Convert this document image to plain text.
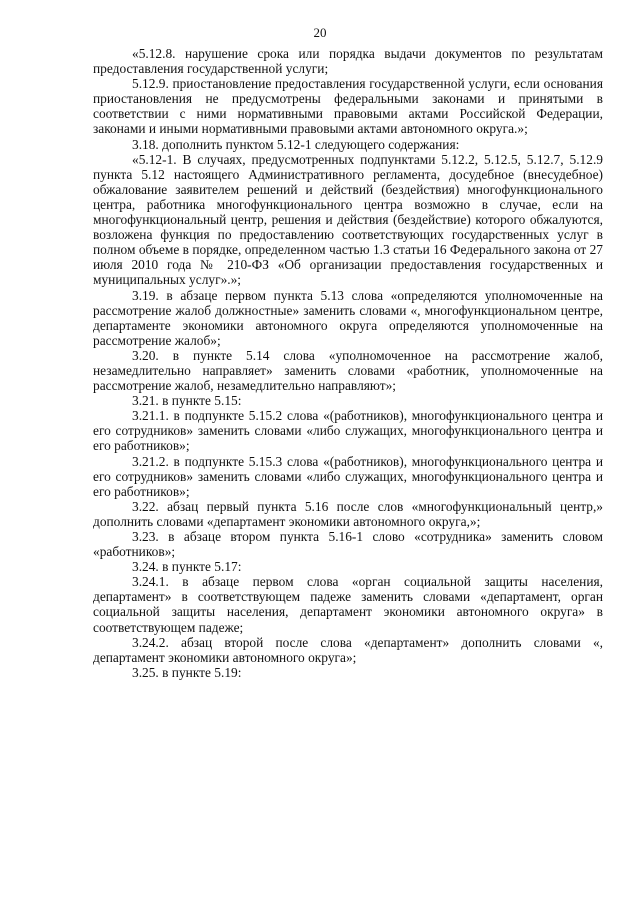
20

«5.12.8. нарушение срока или порядка выдачи документов по результатам предоставления государственной услуги;

5.12.9. приостановление предоставления государственной услуги, если основания приостановления не предусмотрены федеральными законами и принятыми в соответствии с ними нормативными правовыми актами Российской Федерации, законами и иными нормативными правовыми актами автономного округа.»;

3.18. дополнить пунктом 5.12-1 следующего содержания:

«5.12-1. В случаях, предусмотренных подпунктами 5.12.2, 5.12.5, 5.12.7, 5.12.9 пункта 5.12 настоящего Административного регламента, досудебное (внесудебное) обжалование заявителем решений и действий (бездействия) многофункционального центра, работника многофункционального центра возможно в случае, если на многофункциональный центр, решения и действия (бездействие) которого обжалуются, возложена функция по предоставлению соответствующих государственных услуг в полном объеме в порядке, определенном частью 1.3 статьи 16 Федерального закона от 27 июля 2010 года № 210-ФЗ «Об организации предоставления государственных и муниципальных услуг».»;

3.19. в абзаце первом пункта 5.13 слова «определяются уполномоченные на рассмотрение жалоб должностные» заменить словами «, многофункциональном центре, департаменте экономики автономного округа определяются уполномоченные на рассмотрение жалоб»;

3.20. в пункте 5.14 слова «уполномоченное на рассмотрение жалоб, незамедлительно направляет» заменить словами «работник, уполномоченные на рассмотрение жалоб, незамедлительно направляют»;

3.21. в пункте 5.15:

3.21.1. в подпункте 5.15.2 слова «(работников), многофункционального центра и его сотрудников» заменить словами «либо служащих, многофункционального центра и его работников»;

3.21.2. в подпункте 5.15.3 слова «(работников), многофункционального центра и его сотрудников» заменить словами «либо служащих, многофункционального центра и его работников»;

3.22. абзац первый пункта 5.16 после слов «многофункциональный центр,» дополнить словами «департамент экономики автономного округа,»;

3.23. в абзаце втором пункта 5.16-1 слово «сотрудника» заменить словом «работников»;

3.24. в пункте 5.17:

3.24.1. в абзаце первом слова «орган социальной защиты населения, департамент» в соответствующем падеже заменить словами «департамент, орган социальной защиты населения, департамент экономики автономного округа» в соответствующем падеже;

3.24.2. абзац второй после слова «департамент» дополнить словами «, департамент экономики автономного округа»;

3.25. в пункте 5.19:
